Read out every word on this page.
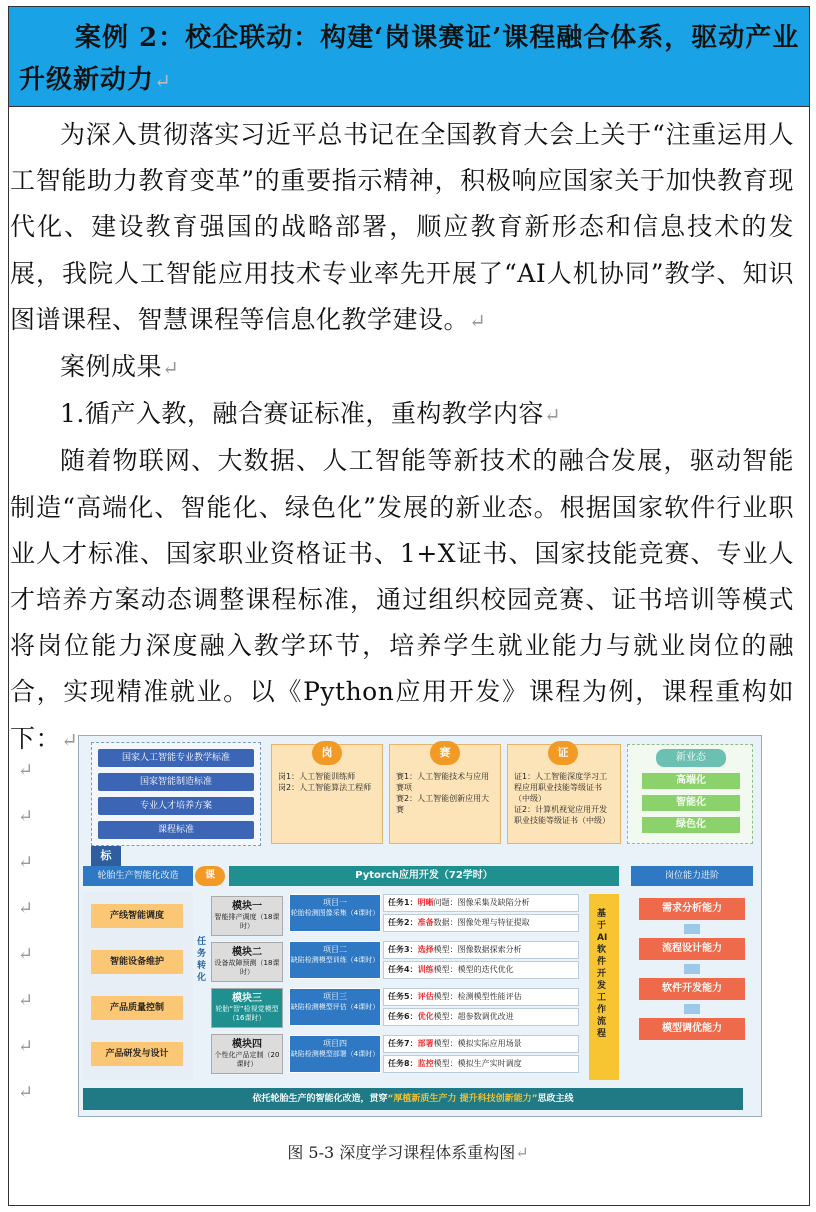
案例 2：校企联动：构建‘岗课赛证’课程融合体系，驱动产业升级新动力↵

为深入贯彻落实习近平总书记在全国教育大会上关于“注重运用人工智能助力教育变革”的重要指示精神，积极响应国家关于加快教育现代化、建设教育强国的战略部署，顺应教育新形态和信息技术的发展，我院人工智能应用技术专业率先开展了“AI人机协同”教学、知识图谱课程、智慧课程等信息化教学建设。↵

案例成果↵

1.循产入教，融合赛证标准，重构教学内容↵

随着物联网、大数据、人工智能等新技术的融合发展，驱动智能制造“高端化、智能化、绿色化”发展的新业态。根据国家软件行业职业人才标准、国家职业资格证书、1+X证书、国家技能竞赛、专业人才培养方案动态调整课程标准，通过组织校园竞赛、证书培训等模式将岗位能力深度融入教学环节，培养学生就业能力与就业岗位的融合，实现精准就业。以《Python应用开发》课程为例，课程重构如下：↵

↵
↵
↵
↵
↵
↵
↵
↵
国家人工智能专业教学标准
国家智能制造标准
专业人才培养方案
课程标准
标
岗
岗1：人工智能训练师
岗2：人工智能算法工程师
赛
赛1：人工智能技术与应用赛项
赛2：人工智能创新应用大赛
证
证1：人工智能深度学习工程应用职业技能等级证书（中级）
证2：计算机视觉应用开发职业技能等级证书（中级）
新业态
高端化
智能化
绿色化
轮胎生产智能化改造	课	Pytorch应用开发（72学时）	岗位能力进阶
产线智能调度
智能设备维护
产品质量控制
产品研发与设计
任务转化
模块一
智能排产调度（18课时）
模块二
设备故障预测（18课时）
模块三
轮胎“智”检视觉模型（16课时）
模块四
个性化产品定制（20课时）
项目一
轮胎检测图像采集（4课时）
项目二
缺陷检测模型训练（4课时）
项目三
缺陷检测模型评估（4课时）
项目四
缺陷检测模型部署（4课时）
任务1：明晰问题：图像采集及缺陷分析
任务2：准备数据：图像处理与特征提取
任务3：选择模型：图像数据探索分析
任务4：训练模型：模型的迭代优化
任务5：评估模型：检测模型性能评估
任务6：优化模型：超参数调优改进
任务7：部署模型：模拟实际应用场景
任务8：监控模型：模拟生产实时调度
基于AI软件开发工作流程
需求分析能力
流程设计能力
软件开发能力
模型调优能力
依托轮胎生产的智能化改造，贯穿“厚植新质生产力 提升科技创新能力”思政主线
图 5-3 深度学习课程体系重构图↵
